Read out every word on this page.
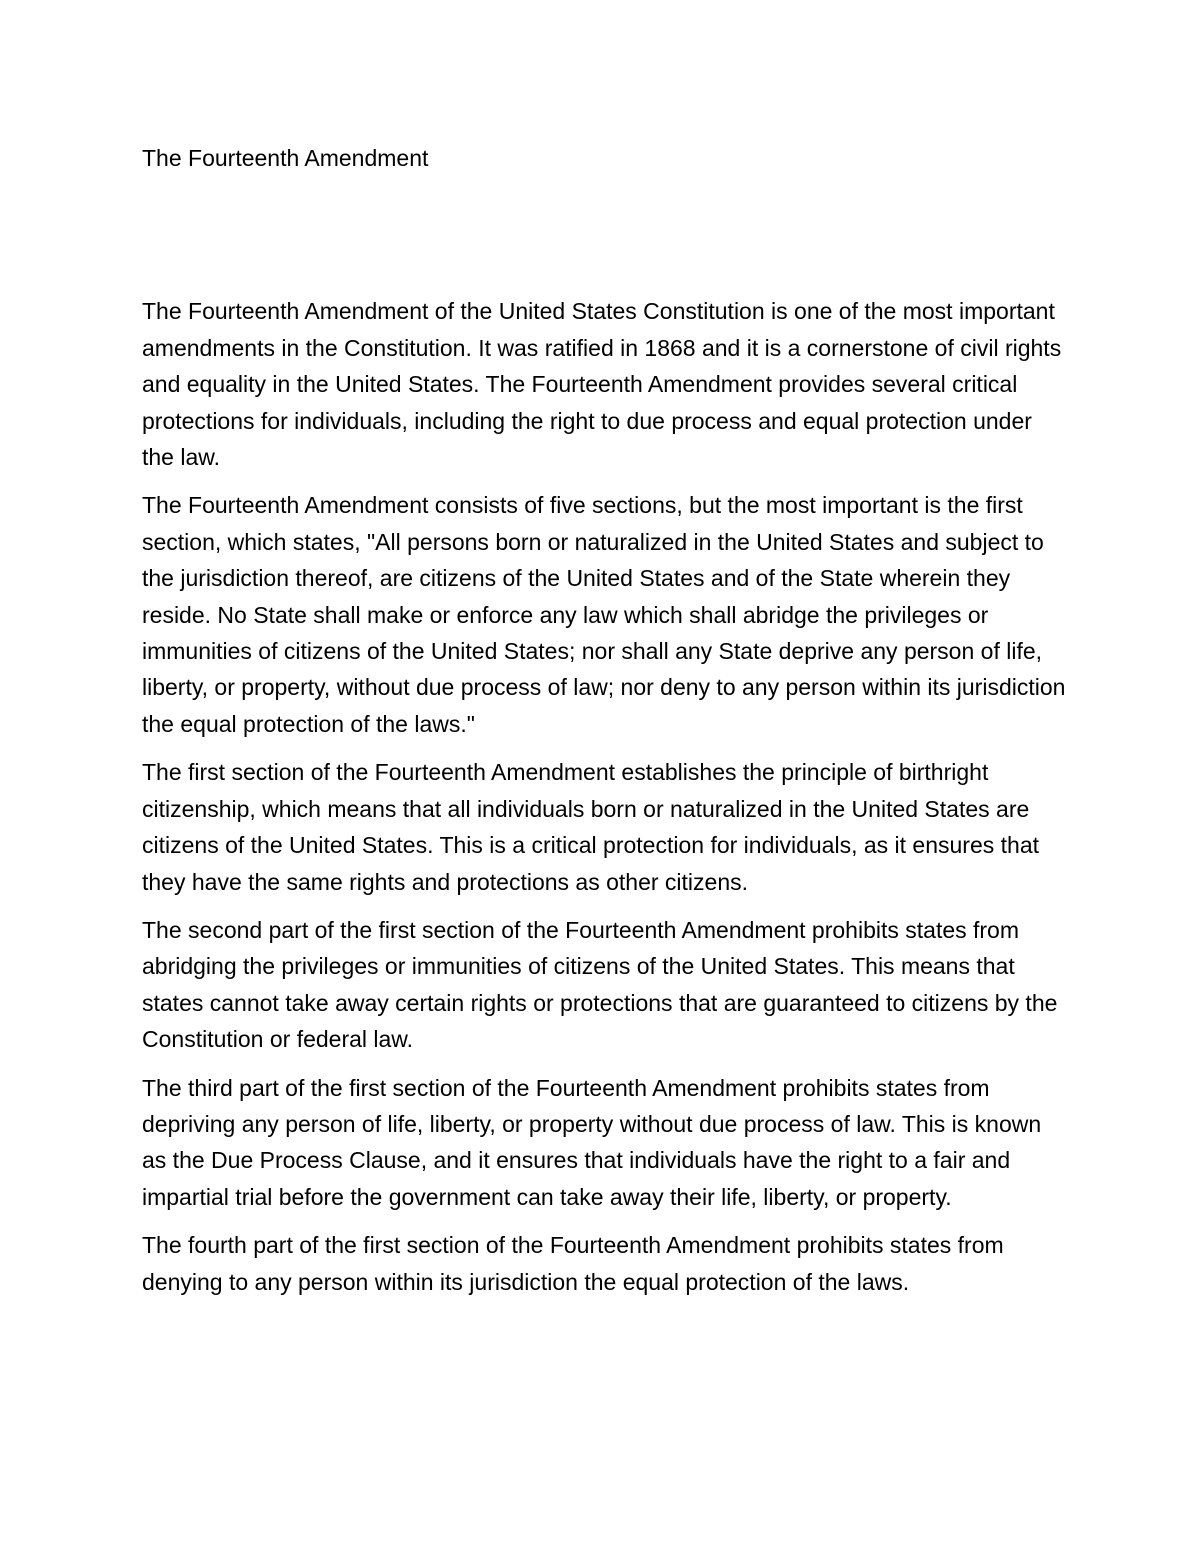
The Fourteenth Amendment

The Fourteenth Amendment of the United States Constitution is one of the most important amendments in the Constitution. It was ratified in 1868 and it is a cornerstone of civil rights and equality in the United States. The Fourteenth Amendment provides several critical protections for individuals, including the right to due process and equal protection under the law.

The Fourteenth Amendment consists of five sections, but the most important is the first section, which states, "All persons born or naturalized in the United States and subject to the jurisdiction thereof, are citizens of the United States and of the State wherein they reside. No State shall make or enforce any law which shall abridge the privileges or immunities of citizens of the United States; nor shall any State deprive any person of life, liberty, or property, without due process of law; nor deny to any person within its jurisdiction the equal protection of the laws."

The first section of the Fourteenth Amendment establishes the principle of birthright citizenship, which means that all individuals born or naturalized in the United States are citizens of the United States. This is a critical protection for individuals, as it ensures that they have the same rights and protections as other citizens.

The second part of the first section of the Fourteenth Amendment prohibits states from abridging the privileges or immunities of citizens of the United States. This means that states cannot take away certain rights or protections that are guaranteed to citizens by the Constitution or federal law.

The third part of the first section of the Fourteenth Amendment prohibits states from depriving any person of life, liberty, or property without due process of law. This is known as the Due Process Clause, and it ensures that individuals have the right to a fair and impartial trial before the government can take away their life, liberty, or property.

The fourth part of the first section of the Fourteenth Amendment prohibits states from denying to any person within its jurisdiction the equal protection of the laws.
